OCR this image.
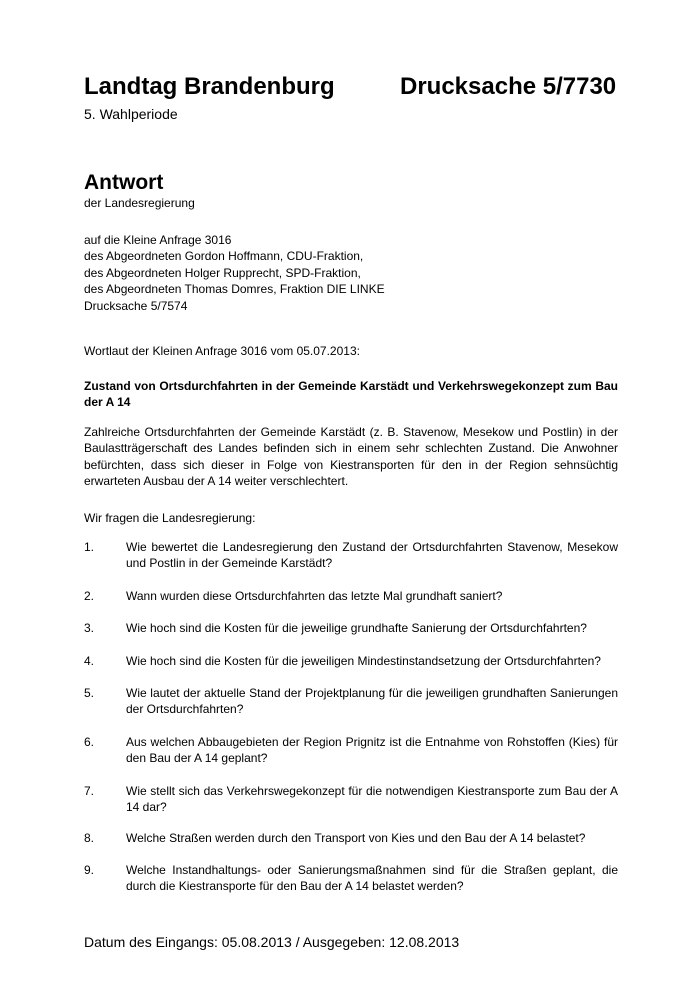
Landtag Brandenburg	Drucksache 5/7730
5. Wahlperiode
Antwort
der Landesregierung
auf die Kleine Anfrage 3016
des Abgeordneten Gordon Hoffmann, CDU-Fraktion,
des Abgeordneten Holger Rupprecht, SPD-Fraktion,
des Abgeordneten Thomas Domres, Fraktion DIE LINKE
Drucksache 5/7574
Wortlaut der Kleinen Anfrage 3016 vom 05.07.2013:
Zustand von Ortsdurchfahrten in der Gemeinde Karstädt und Verkehrswegekonzept zum Bau der A 14
Zahlreiche Ortsdurchfahrten der Gemeinde Karstädt (z. B. Stavenow, Mesekow und Postlin) in der Baulastträgerschaft des Landes befinden sich in einem sehr schlechten Zustand. Die Anwohner befürchten, dass sich dieser in Folge von Kiestransporten für den in der Region sehnsüchtig erwarteten Ausbau der A 14 weiter verschlechtert.
Wir fragen die Landesregierung:
1.	Wie bewertet die Landesregierung den Zustand der Ortsdurchfahrten Stavenow, Mesekow und Postlin in der Gemeinde Karstädt?
2.	Wann wurden diese Ortsdurchfahrten das letzte Mal grundhaft saniert?
3.	Wie hoch sind die Kosten für die jeweilige grundhafte Sanierung der Ortsdurchfahrten?
4.	Wie hoch sind die Kosten für die jeweiligen Mindestinstandsetzung der Ortsdurchfahrten?
5.	Wie lautet der aktuelle Stand der Projektplanung für die jeweiligen grundhaften Sanierungen der Ortsdurchfahrten?
6.	Aus welchen Abbaugebieten der Region Prignitz ist die Entnahme von Rohstoffen (Kies) für den Bau der A 14 geplant?
7.	Wie stellt sich das Verkehrswegekonzept für die notwendigen Kiestransporte zum Bau der A 14 dar?
8.	Welche Straßen werden durch den Transport von Kies und den Bau der A 14 belastet?
9.	Welche Instandhaltungs- oder Sanierungsmaßnahmen sind für die Straßen geplant, die durch die Kiestransporte für den Bau der A 14 belastet werden?
Datum des Eingangs: 05.08.2013 / Ausgegeben: 12.08.2013
